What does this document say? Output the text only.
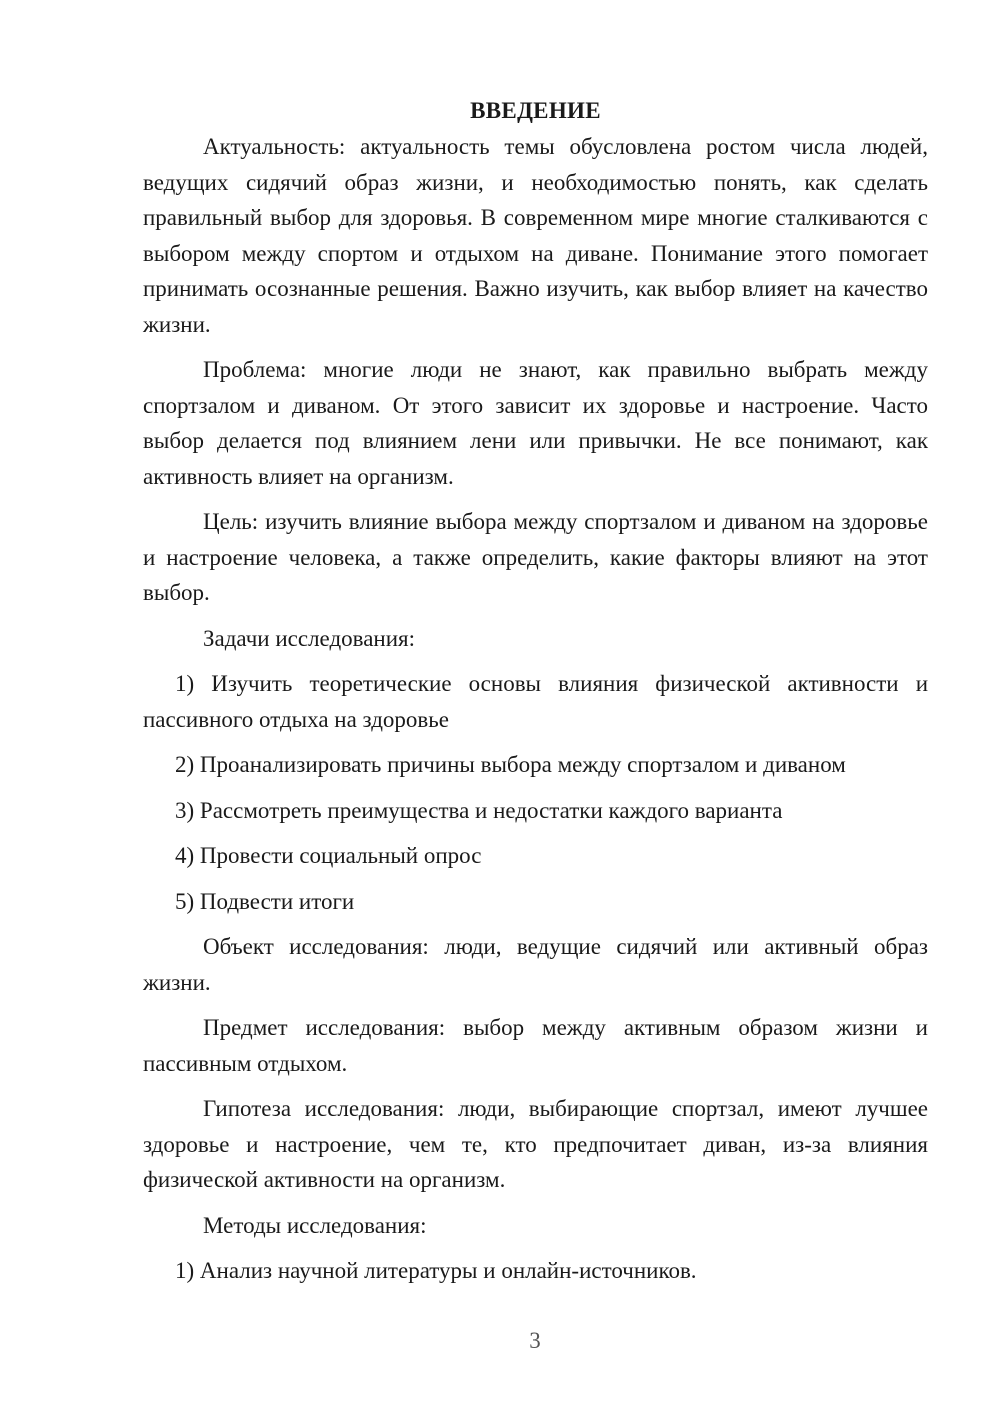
ВВЕДЕНИЕ

Актуальность: актуальность темы обусловлена ростом числа людей, ведущих сидячий образ жизни, и необходимостью понять, как сделать правильный выбор для здоровья. В современном мире многие сталкиваются с выбором между спортом и отдыхом на диване. Понимание этого помогает принимать осознанные решения. Важно изучить, как выбор влияет на качество жизни.

Проблема: многие люди не знают, как правильно выбрать между спортзалом и диваном. От этого зависит их здоровье и настроение. Часто выбор делается под влиянием лени или привычки. Не все понимают, как активность влияет на организм.

Цель: изучить влияние выбора между спортзалом и диваном на здоровье и настроение человека, а также определить, какие факторы влияют на этот выбор.

Задачи исследования:

1) Изучить теоретические основы влияния физической активности и пассивного отдыха на здоровье

2) Проанализировать причины выбора между спортзалом и диваном

3) Рассмотреть преимущества и недостатки каждого варианта

4) Провести социальный опрос

5) Подвести итоги

Объект исследования: люди, ведущие сидячий или активный образ жизни.

Предмет исследования: выбор между активным образом жизни и пассивным отдыхом.

Гипотеза исследования: люди, выбирающие спортзал, имеют лучшее здоровье и настроение, чем те, кто предпочитает диван, из-за влияния физической активности на организм.

Методы исследования:

1) Анализ научной литературы и онлайн-источников.

3
